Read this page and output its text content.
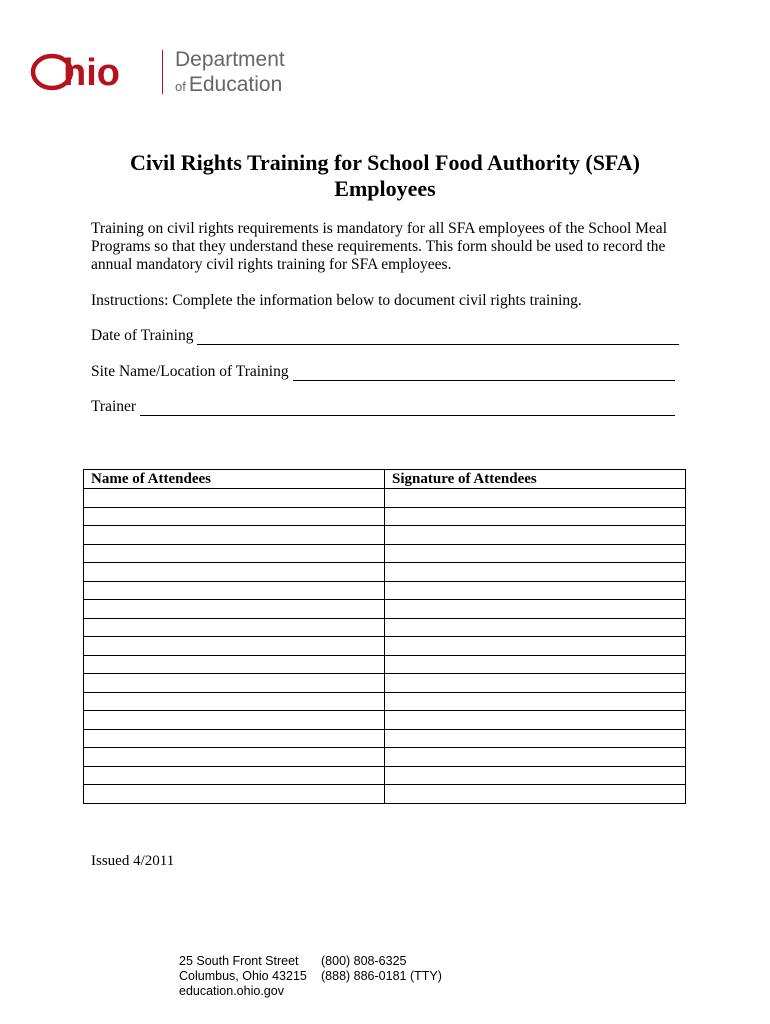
hio	Department
of Education
Civil Rights Training for School Food Authority (SFA)
Employees
Training on civil rights requirements is mandatory for all SFA employees of the School Meal
Programs so that they understand these requirements. This form should be used to record the
annual mandatory civil rights training for SFA employees.
Instructions: Complete the information below to document civil rights training.
Date of Training
Site Name/Location of Training
Trainer
Name of Attendees	Signature of Attendees

Issued 4/2011
25 South Front Street
Columbus, Ohio 43215
education.ohio.gov
(800) 808-6325
(888) 886-0181 (TTY)
